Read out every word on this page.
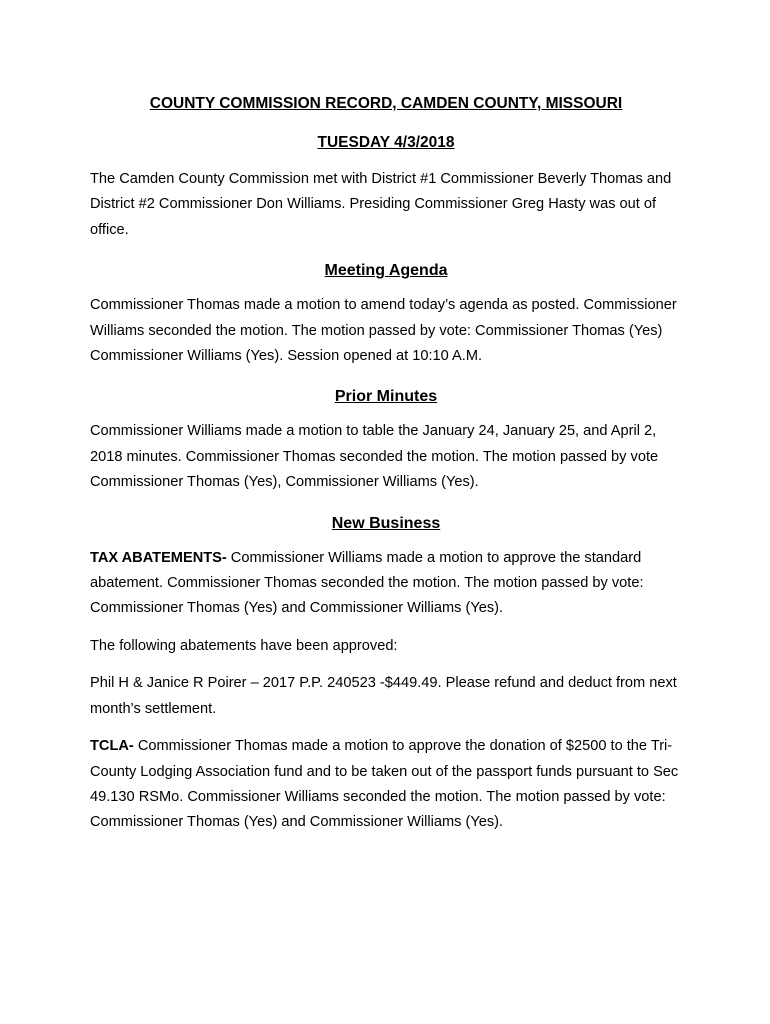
COUNTY COMMISSION RECORD, CAMDEN COUNTY, MISSOURI
TUESDAY 4/3/2018

The Camden County Commission met with District #1 Commissioner Beverly Thomas and District #2 Commissioner Don Williams. Presiding Commissioner Greg Hasty was out of office.

Meeting Agenda

Commissioner Thomas made a motion to amend today’s agenda as posted. Commissioner Williams seconded the motion. The motion passed by vote: Commissioner Thomas (Yes) Commissioner Williams (Yes). Session opened at 10:10 A.M.

Prior Minutes

Commissioner Williams made a motion to table the January 24, January 25, and April 2, 2018 minutes. Commissioner Thomas seconded the motion. The motion passed by vote Commissioner Thomas (Yes), Commissioner Williams (Yes).

New Business

TAX ABATEMENTS- Commissioner Williams made a motion to approve the standard abatement. Commissioner Thomas seconded the motion. The motion passed by vote: Commissioner Thomas (Yes) and Commissioner Williams (Yes).

The following abatements have been approved:

Phil H & Janice R Poirer – 2017 P.P. 240523 -$449.49. Please refund and deduct from next month’s settlement.

TCLA- Commissioner Thomas made a motion to approve the donation of $2500 to the Tri-County Lodging Association fund and to be taken out of the passport funds pursuant to Sec 49.130 RSMo. Commissioner Williams seconded the motion. The motion passed by vote: Commissioner Thomas (Yes) and Commissioner Williams (Yes).
